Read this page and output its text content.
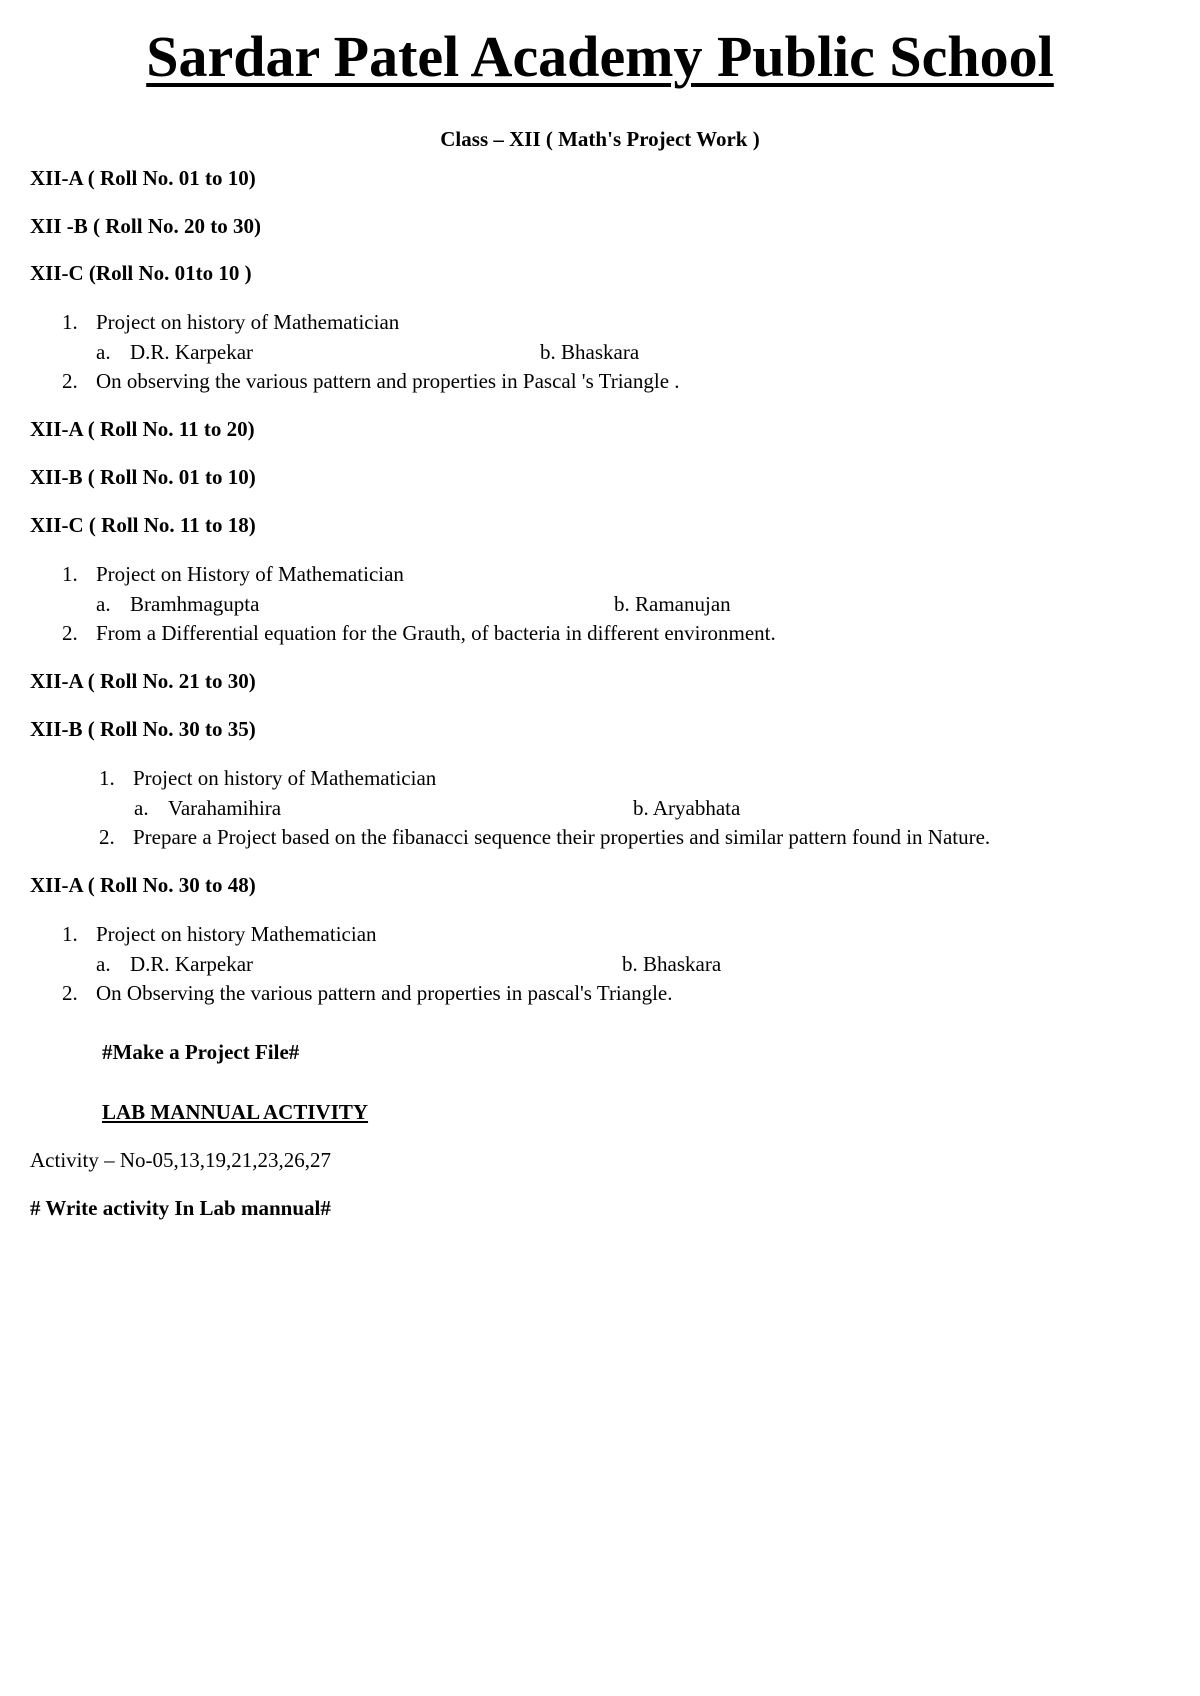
Sardar Patel Academy Public School
Class – XII ( Math's Project Work )
XII-A ( Roll No. 01 to 10)
XII -B ( Roll No. 20 to 30)
XII-C (Roll No. 01to 10 )
1. Project on history of Mathematician
a. D.R. Karpekar	b. Bhaskara
2. On observing the various pattern and properties in Pascal 's Triangle .
XII-A ( Roll No. 11 to 20)
XII-B ( Roll No. 01 to 10)
XII-C ( Roll No. 11 to 18)
1. Project on History of Mathematician
a. Bramhmagupta	b. Ramanujan
2. From a Differential equation for the Grauth, of bacteria in different environment.
XII-A ( Roll No. 21 to 30)
XII-B ( Roll No. 30 to 35)
1. Project on history of Mathematician
a. Varahamihira	b. Aryabhata
2. Prepare a Project based on the fibanacci sequence their properties and similar pattern found in Nature.
XII-A ( Roll No. 30 to 48)
1. Project on history Mathematician
a. D.R. Karpekar	b. Bhaskara
2. On Observing the various pattern and properties in pascal's Triangle.
#Make a Project File#
LAB MANNUAL ACTIVITY
Activity – No-05,13,19,21,23,26,27
# Write activity In Lab mannual#
